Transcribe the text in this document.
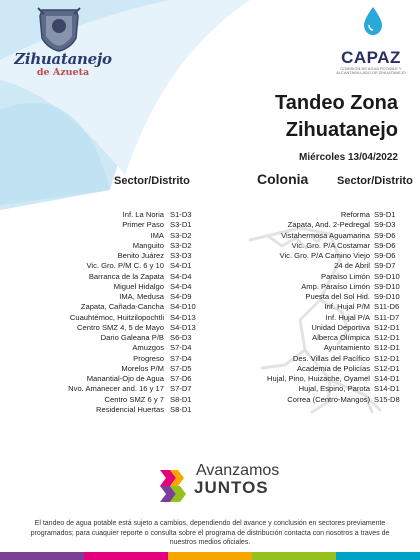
Zihuatanejo
de Azueta
CAPAZ
COMISIÓN DE AGUA POTABLE Y ALCANTARILLADO DE ZIHUATANEJO
Tandeo Zona
Zihuatanejo
Miércoles 13/04/2022
Sector/Distrito	Colonia	Sector/Distrito
Inf. La Noria S1-D3
Primer Paso S3-D1
IMA S3-D2
Manguito S3-D2
Benito Juárez S3-D3
Vic. Gro. P/M C. 6 y 10 S4-D1
Barranca de la Zapata S4-D4
Miguel Hidalgo S4-D4
IMA, Medusa S4-D9
Zapata, Cañada-Cancha S4-D10
Cuauhtémoc, Huitzilopochtli S4-D13
Centro SMZ 4, 5 de Mayo S4-D13
Dario Galeana P/B S6-D3
Amuzgos S7-D4
Progreso S7-D4
Morelos P/M S7-D5
Manantial-Ojo de Agua S7-D6
Nvo. Amanecer and. 16 y 17 S7-D7
Centro SMZ 6 y 7 S8-D1
Residencial Huertas S8-D1
Reforma S9-D1
Zapata, And. 2-Pedregal S9-D3
Vistahermosa Aguamarina S9-D6
Vic. Gro. P/A Costamar S9-D6
Vic. Gro. P/A Camino Viejo S9-D6
24 de Abril S9-D7
Paraíso Limón S9-D10
Amp. Paraíso Limón S9-D10
Puesta del Sol Hid. S9-D10
Inf. Hujal P/M S11-D6
Inf. Hujal P/A S11-D7
Unidad Deportiva S12-D1
Alberca Olímpica S12-D1
Ayuntamiento S12-D1
Des. Villas del Pacífico S12-D1
Academia de Policías S12-D1
Hujal, Pino, Huizache, Oyamel S14-D1
Hujal, Espino, Parota S14-D1
Correa (Centro-Mangos) S15-D8
Avanzamos
JUNTOS
El tandeo de agua potable está sujeto a cambios, dependiendo del avance y conclusión en sectores previamente programados; para cuaquier reporte o consulta sobre el programa de distribución contacta con nosotros a traves de nuestros medios oficiales.
